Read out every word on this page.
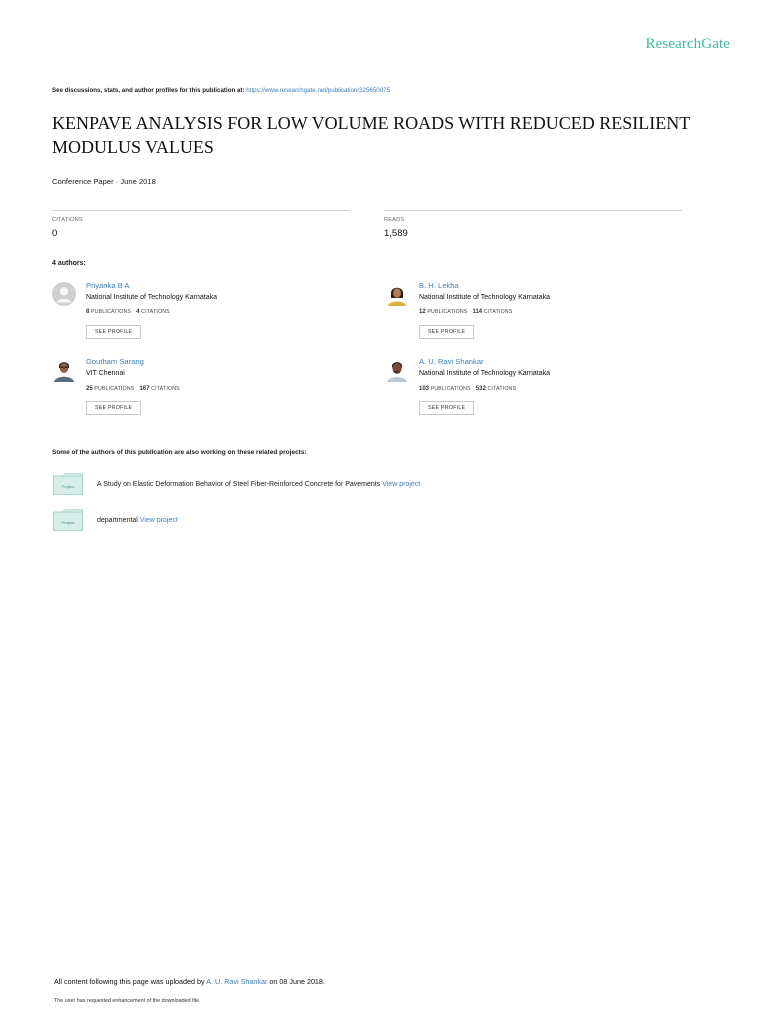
ResearchGate
See discussions, stats, and author profiles for this publication at: https://www.researchgate.net/publication/325650875
KENPAVE ANALYSIS FOR LOW VOLUME ROADS WITH REDUCED RESILIENT MODULUS VALUES
Conference Paper · June 2018
CITATIONS
0
READS
1,589
4 authors:
Priyanka B A
National Institute of Technology Karnataka
8 PUBLICATIONS 4 CITATIONS
SEE PROFILE
B. H. Lekha
National Institute of Technology Karnataka
12 PUBLICATIONS 114 CITATIONS
SEE PROFILE
Goutham Sarang
VIT Chennai
25 PUBLICATIONS 167 CITATIONS
SEE PROFILE
A. U. Ravi Shankar
National Institute of Technology Karnataka
103 PUBLICATIONS 532 CITATIONS
SEE PROFILE
Some of the authors of this publication are also working on these related projects:
Project	A Study on Elastic Deformation Behavior of Steel Fiber-Reinforced Concrete for Pavements View project
Project	departmental View project
All content following this page was uploaded by A. U. Ravi Shankar on 08 June 2018.
The user has requested enhancement of the downloaded file.
